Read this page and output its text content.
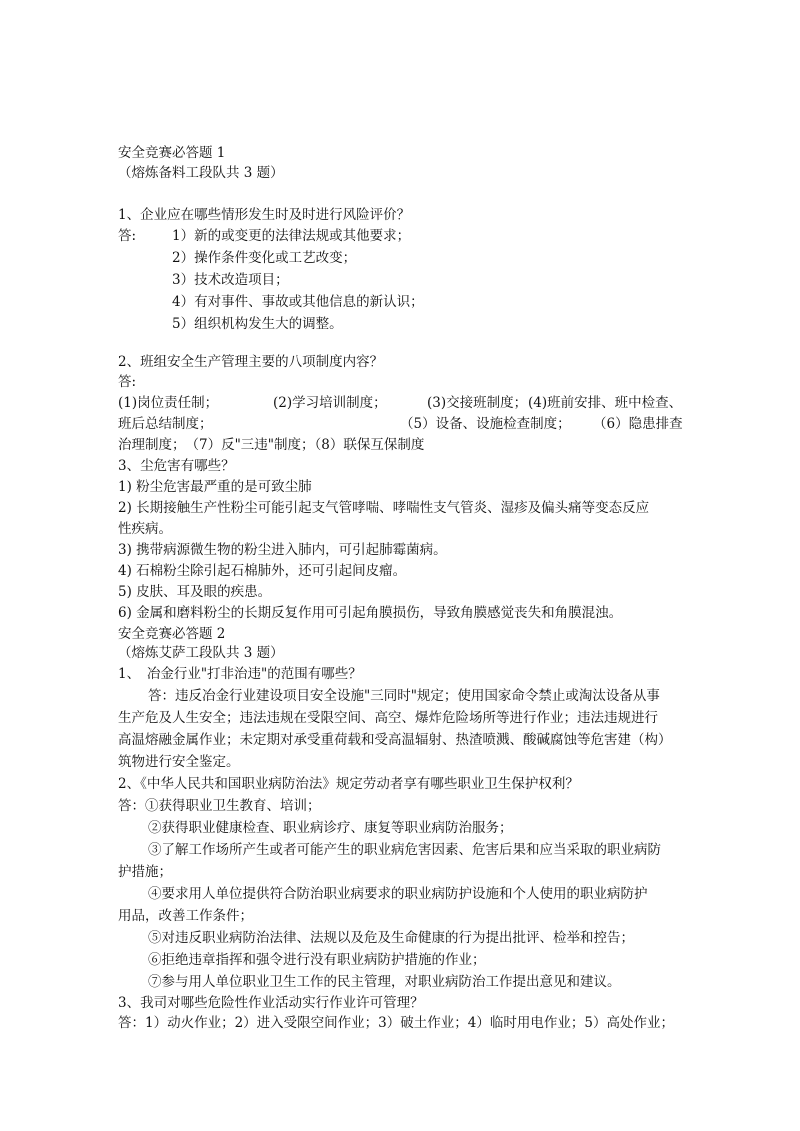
安全竞赛必答题 1
（熔炼备料工段队共 3 题）
1、企业应在哪些情形发生时及时进行风险评价？
答:	1）新的或变更的法律法规或其他要求；
2）操作条件变化或工艺改变；
3）技术改造项目；
4）有对事件、事故或其他信息的新认识；
5）组织机构发生大的调整。
2、班组安全生产管理主要的八项制度内容？
答:
(1)岗位责任制；	(2)学习培训制度；	(3)交接班制度； (4)班前安排、班中检查、
班后总结制度；	（5）设备、设施检查制度； （6）隐患排查
治理制度；　（7）反"三违"制度；（8）联保互保制度
3、尘危害有哪些？
1) 粉尘危害最严重的是可致尘肺
2) 长期接触生产性粉尘可能引起支气管哮喘、哮喘性支气管炎、湿疹及偏头痛等变态反应
性疾病。
3) 携带病源微生物的粉尘进入肺内，可引起肺霉菌病。
4) 石棉粉尘除引起石棉肺外，还可引起间皮瘤。
5) 皮肤、耳及眼的疾患。
6) 金属和磨料粉尘的长期反复作用可引起角膜损伤，导致角膜感觉丧失和角膜混浊。
安全竞赛必答题 2
（熔炼艾萨工段队共 3 题）
1、　冶金行业"打非治违"的范围有哪些？
答：违反冶金行业建设项目安全设施"三同时"规定；使用国家命令禁止或淘汰设备从事
生产危及人生安全；违法违规在受限空间、高空、爆炸危险场所等进行作业；违法违规进行
高温熔融金属作业；未定期对承受重荷载和受高温辐射、热渣喷溅、酸碱腐蚀等危害建（构）
筑物进行安全鉴定。
2、《中华人民共和国职业病防治法》规定劳动者享有哪些职业卫生保护权利？
答：①获得职业卫生教育、培训；
②获得职业健康检查、职业病诊疗、康复等职业病防治服务；
③了解工作场所产生或者可能产生的职业病危害因素、危害后果和应当采取的职业病防
护措施；
④要求用人单位提供符合防治职业病要求的职业病防护设施和个人使用的职业病防护
用品，改善工作条件；
⑤对违反职业病防治法律、法规以及危及生命健康的行为提出批评、检举和控告；
⑥拒绝违章指挥和强令进行没有职业病防护措施的作业；
⑦参与用人单位职业卫生工作的民主管理，对职业病防治工作提出意见和建议。
3、我司对哪些危险性作业活动实行作业许可管理？
答：1）动火作业；2）进入受限空间作业；3）破土作业；4）临时用电作业；5）高处作业；
